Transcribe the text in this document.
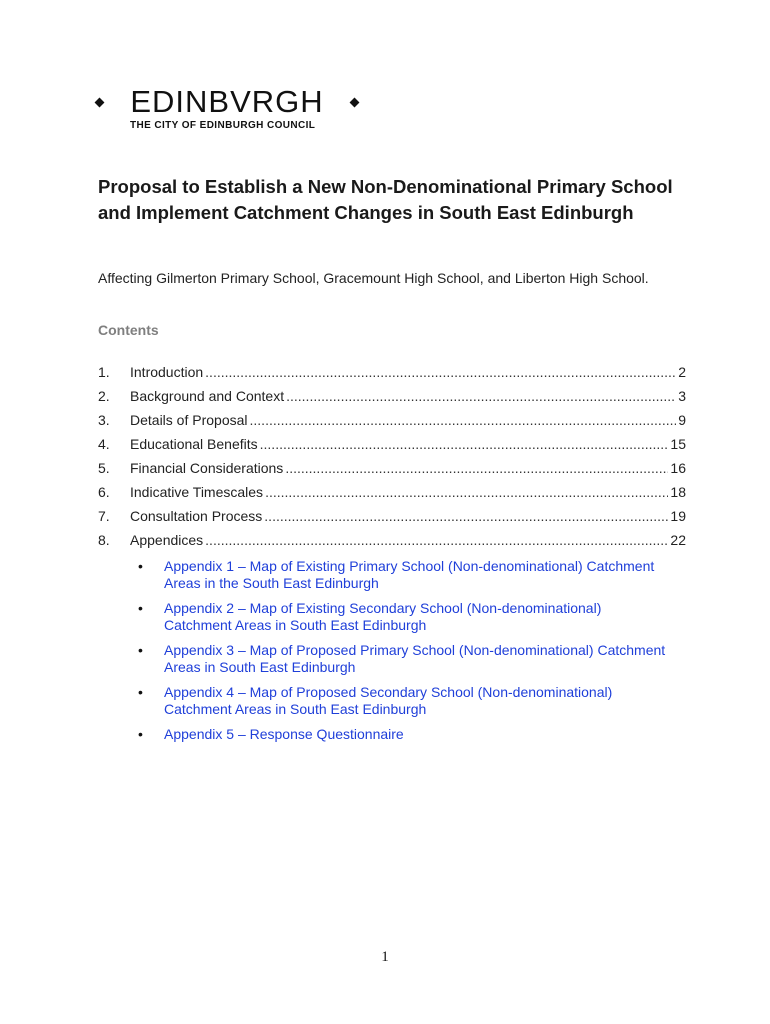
EDINBVRGH
THE CITY OF EDINBURGH COUNCIL
Proposal to Establish a New Non-Denominational Primary School and Implement Catchment Changes in South East Edinburgh

Affecting Gilmerton Primary School, Gracemount High School, and Liberton High School.

Contents
1.	Introduction .....	2
2.	Background and Context .....	3
3.	Details of Proposal .....	9
4.	Educational Benefits .....	15
5.	Financial Considerations .....	16
6.	Indicative Timescales .....	18
7.	Consultation Process .....	19
8.	Appendices .....	22
•	Appendix 1 – Map of Existing Primary School (Non-denominational) Catchment Areas in the South East Edinburgh
•	Appendix 2 – Map of Existing Secondary School (Non-denominational) Catchment Areas in South East Edinburgh
•	Appendix 3 – Map of Proposed Primary School (Non-denominational) Catchment Areas in South East Edinburgh
•	Appendix 4 – Map of Proposed Secondary School (Non-denominational) Catchment Areas in South East Edinburgh
•	Appendix 5 – Response Questionnaire
1
